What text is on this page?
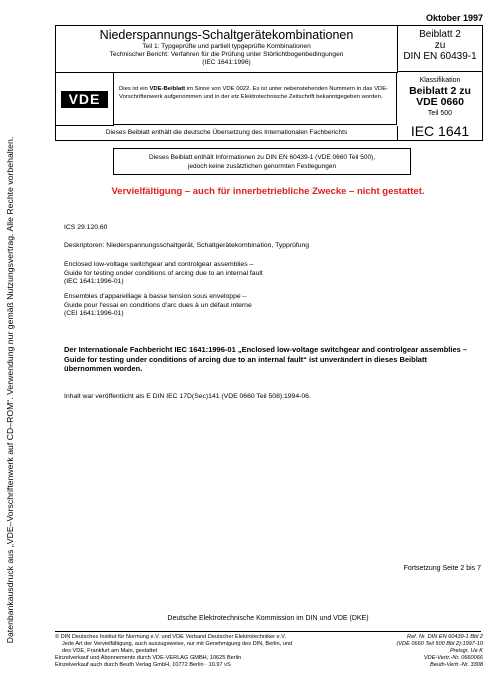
Datenbankausdruck aus „VDE–Vorschriftenwerk auf CD–ROM“. Verwendung nur gemäß Nutzungsvertrag. Alle Rechte vorbehalten.
Oktober 1997
Niederspannungs-Schaltgerätekombinationen
Teil 1: Typgeprüfte und partiell typgeprüfte Kombinationen
Technischer Bericht: Verfahren für die Prüfung unter Störlichtbogenbedingungen
(IEC 1641:1996)
Beiblatt 2
zu
DIN EN 60439-1
VDE
Dies ist ein VDE-Beiblatt im Sinne von VDE 0022. Es ist unter nebenstehenden Nummern in das VDE-Vorschriftenwerk aufgenommen und in der etz Elektrotechnische Zeitschrift bekanntgegeben worden.
Klassifikation
Beiblatt 2 zu
VDE 0660
Teil 500
Dieses Beiblatt enthält die deutsche Übersetzung des Internationalen Fachberichts	IEC 1641
Dieses Beiblatt enthält Informationen zu DIN EN 60439-1 (VDE 0660 Teil 500),
jedoch keine zusätzlichen genormten Festlegungen
Vervielfältigung – auch für innerbetriebliche Zwecke – nicht gestattet.
ICS 29.120.60
Deskriptoren: Niederspannungsschaltgerät, Schaltgerätekombination, Typprüfung
Enclosed low-voltage switchgear and controlgear assemblies –
Guide for testing under conditions of arcing due to an internal fault
(IEC 1641:1996-01)
Ensembles d'appareillage à basse tension sous enveloppe –
Guide pour l'essai en conditions d'arc dues à un défaut interne
(CEI 1641:1996-01)
Der Internationale Fachbericht IEC 1641:1996-01 „Enclosed low-voltage switchgear and controlgear assemblies – Guide for testing under conditions of arcing due to an internal fault“ ist unverändert in dieses Beiblatt übernommen worden.
Inhalt war veröffentlicht als E DIN IEC 17D(Sec)141 (VDE 0660 Teil 508):1994-06.
Fortsetzung Seite 2 bis 7
Deutsche Elektrotechnische Kommission im DIN und VDE (DKE)
© DIN Deutsches Institut für Normung e.V. und VDE Verband Deutscher Elektrotechniker e.V.
Jede Art der Vervielfältigung, auch auszugsweise, nur mit Genehmigung des DIN, Berlin, und
des VDE, Frankfurt am Main, gestattet
Einzelverkauf und Abonnements durch VDE-VERLAG GMBH, 10625 Berlin
Einzelverkauf auch durch Beuth Verlag GmbH, 10772 Berlin · 10.97 vS
Ref. Nr. DIN EN 60439-1 Bbl 2
(VDE 0660 Teil 500 Bbl 2):1997-10
Preisgr. Ue K
VDE-Vertr.-Nr. 0660066
Beuth-Vertr.-Nr. 3308
